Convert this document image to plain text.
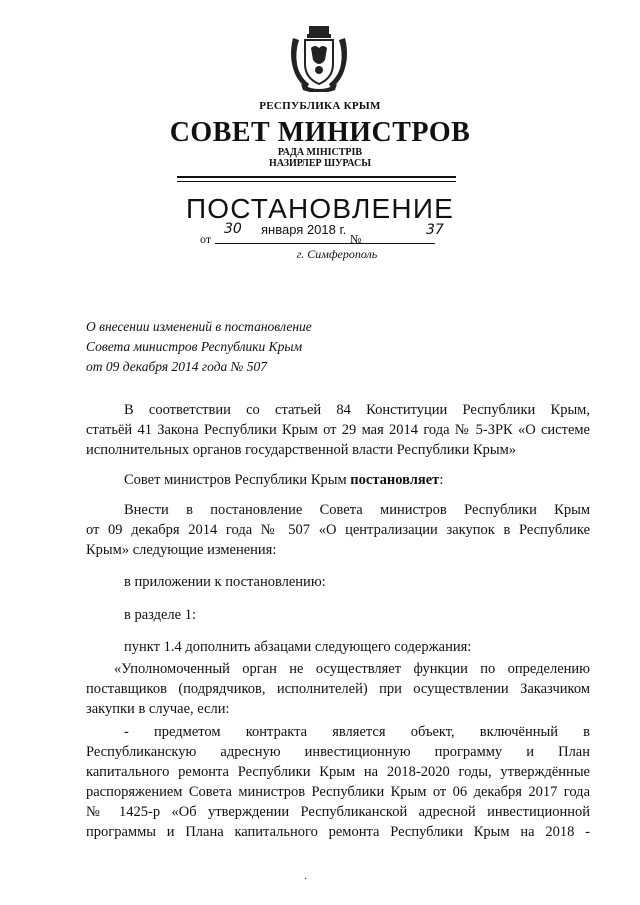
РЕСПУБЛИКА КРЫМ
СОВЕТ МИНИСТРОВ
РАДА МІНІСТРІВ
НАЗИРЛЕР ШУРАСЫ
ПОСТАНОВЛЕНИЕ
от
30 января 2018 г.
№
37
г. Симферополь
О внесении изменений в постановление
Совета министров Республики Крым
от 09 декабря 2014 года № 507
В соответствии со статьей 84 Конституции Республики Крым,
статьёй 41 Закона Республики Крым от 29 мая 2014 года № 5-ЗРК «О системе
исполнительных органов государственной власти Республики Крым»
Совет министров Республики Крым постановляет:
Внести в постановление Совета министров Республики Крым
от 09 декабря 2014 года № 507 «О централизации закупок в Республике
Крым» следующие изменения:
в приложении к постановлению:
в разделе 1:
пункт 1.4 дополнить абзацами следующего содержания:
«Уполномоченный орган не осуществляет функции по определению
поставщиков (подрядчиков, исполнителей) при осуществлении Заказчиком
закупки в случае, если:
- предметом контракта является объект, включённый в
Республиканскую адресную инвестиционную программу и План
капитального ремонта Республики Крым на 2018-2020 годы, утверждённые
распоряжением Совета министров Республики Крым от 06 декабря 2017 года
№ 1425-р «Об утверждении Республиканской адресной инвестиционной
программы и Плана капитального ремонта Республики Крым на 2018 -
·
